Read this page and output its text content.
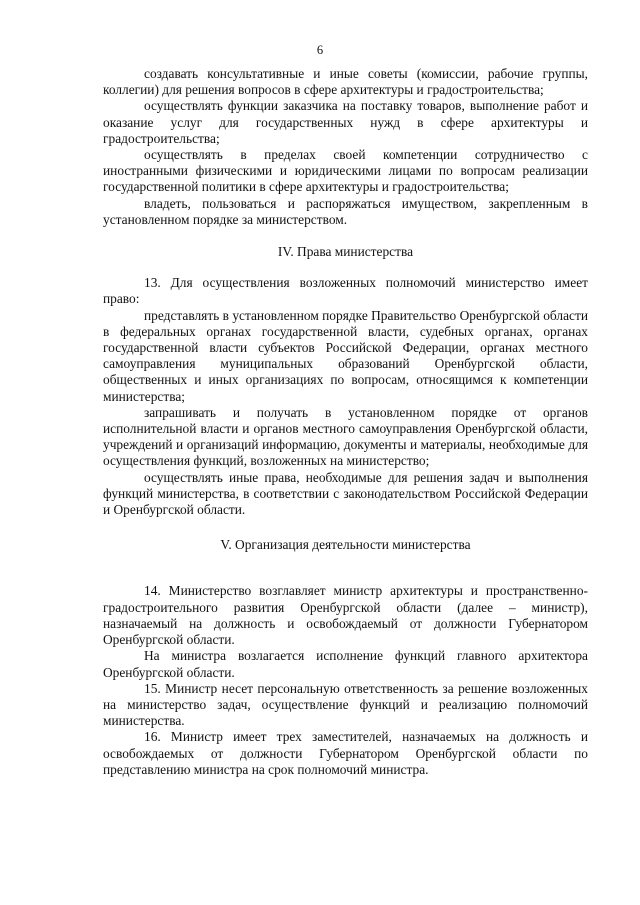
6

создавать консультативные и иные советы (комиссии, рабочие группы, коллегии) для решения вопросов в сфере архитектуры и градостроительства;

осуществлять функции заказчика на поставку товаров, выполнение работ и оказание услуг для государственных нужд в сфере архитектуры и градостроительства;

осуществлять в пределах своей компетенции сотрудничество с иностранными физическими и юридическими лицами по вопросам реализации государственной политики в сфере архитектуры и градостроительства;

владеть, пользоваться и распоряжаться имуществом, закрепленным в установленном порядке за министерством.

IV. Права министерства

13. Для осуществления возложенных полномочий министерство имеет право:

представлять в установленном порядке Правительство Оренбургской области в федеральных органах государственной власти, судебных органах, органах государственной власти субъектов Российской Федерации, органах местного самоуправления муниципальных образований Оренбургской области, общественных и иных организациях по вопросам, относящимся к компетенции министерства;

запрашивать и получать в установленном порядке от органов исполнительной власти и органов местного самоуправления Оренбургской области, учреждений и организаций информацию, документы и материалы, необходимые для осуществления функций, возложенных на министерство;

осуществлять иные права, необходимые для решения задач и выполнения функций министерства, в соответствии с законодательством Российской Федерации и Оренбургской области.

V. Организация деятельности министерства

14. Министерство возглавляет министр архитектуры и пространственно-градостроительного развития Оренбургской области (далее – министр), назначаемый на должность и освобождаемый от должности Губернатором Оренбургской области.

На министра возлагается исполнение функций главного архитектора Оренбургской области.

15. Министр несет персональную ответственность за решение возложенных на министерство задач, осуществление функций и реализацию полномочий министерства.

16. Министр имеет трех заместителей, назначаемых на должность и освобождаемых от должности Губернатором Оренбургской области по представлению министра на срок полномочий министра.
